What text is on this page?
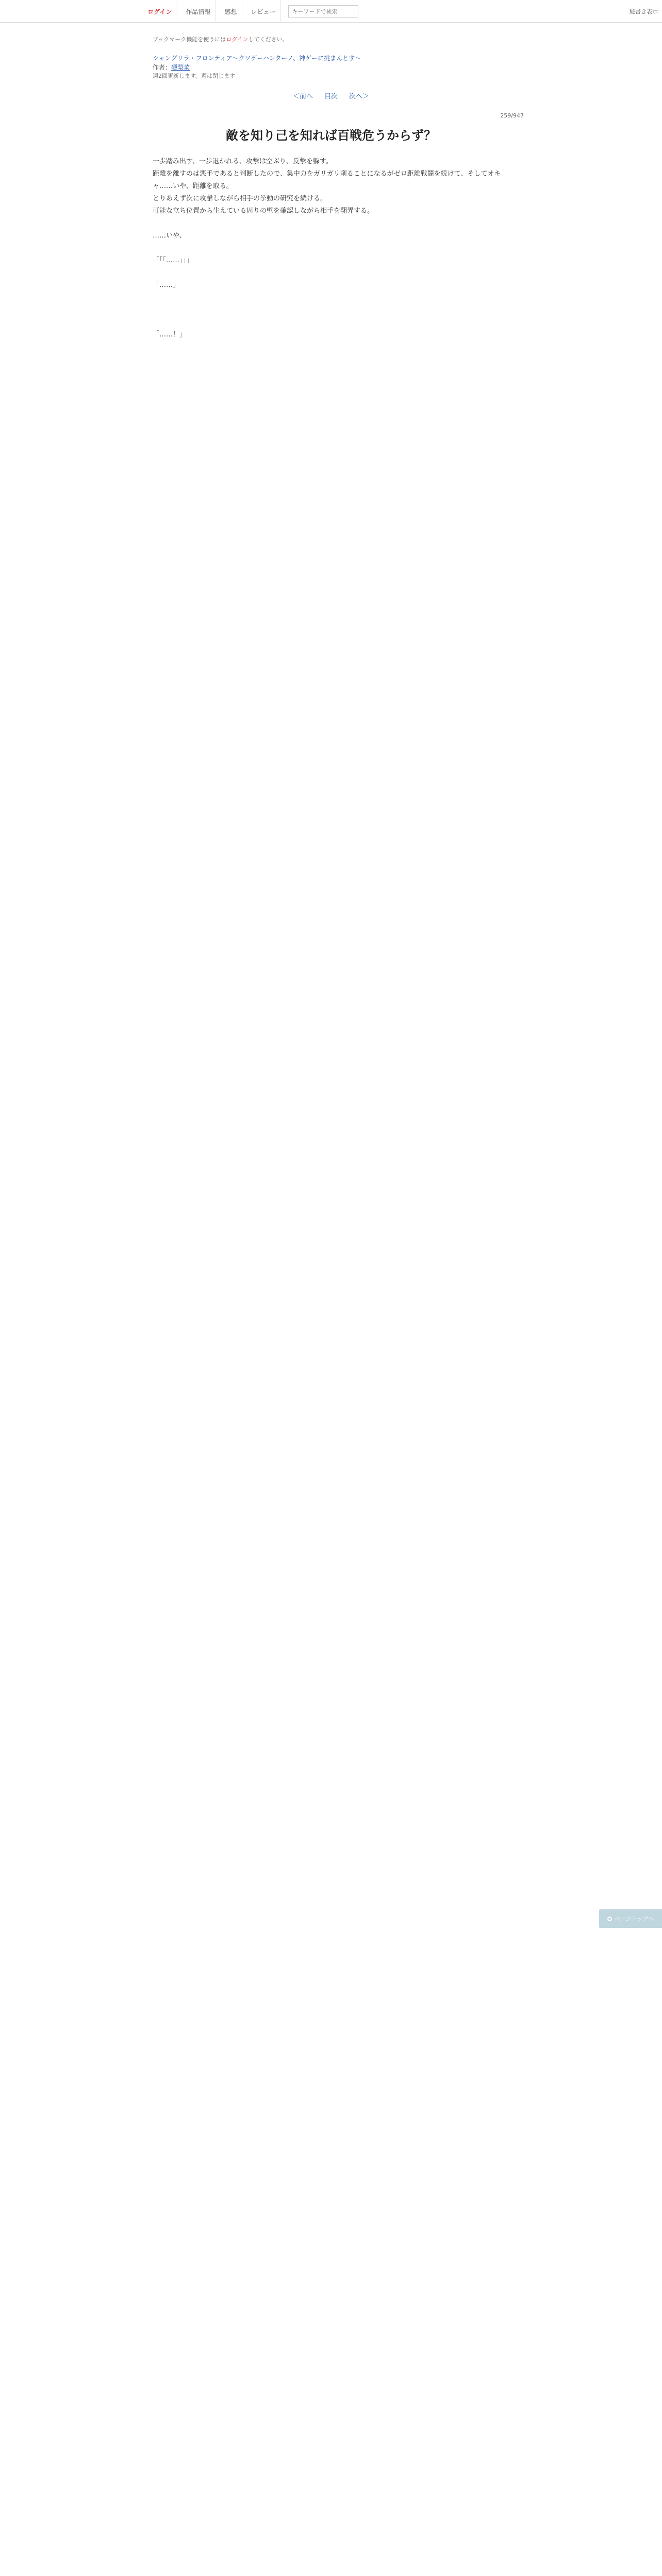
ログイン	作品情報	感想	レビュー
キーワードで検索	縦書き表示
ブックマーク機能を使うにはログインしてください。
シャングリラ・フロンティア〜クソゲーハンターノ、神ゲーに挑まんとす〜
作者：硬梨菜
週2回更新します。週は閉じます
＜前へ 目次 次へ＞
259/947
敵を知り己を知れば百戦危うからず？

一歩踏み出す、一歩退かれる、攻撃は空ぶり、反撃を躱す。
距離を離すのは悪手であると判断したので、集中力をガリガリ削ることになるがゼロ距離戦闘を続けて、そしてオキャ……いや、距離を取る。
とりあえず次に攻撃しながら相手の挙動の研究を続ける。
可能な立ち位置から生えている周りの壁を確認しながら相手を翻弄する。

……いや、

「「「……」」」

「……」

「……！」

ページトップへ
